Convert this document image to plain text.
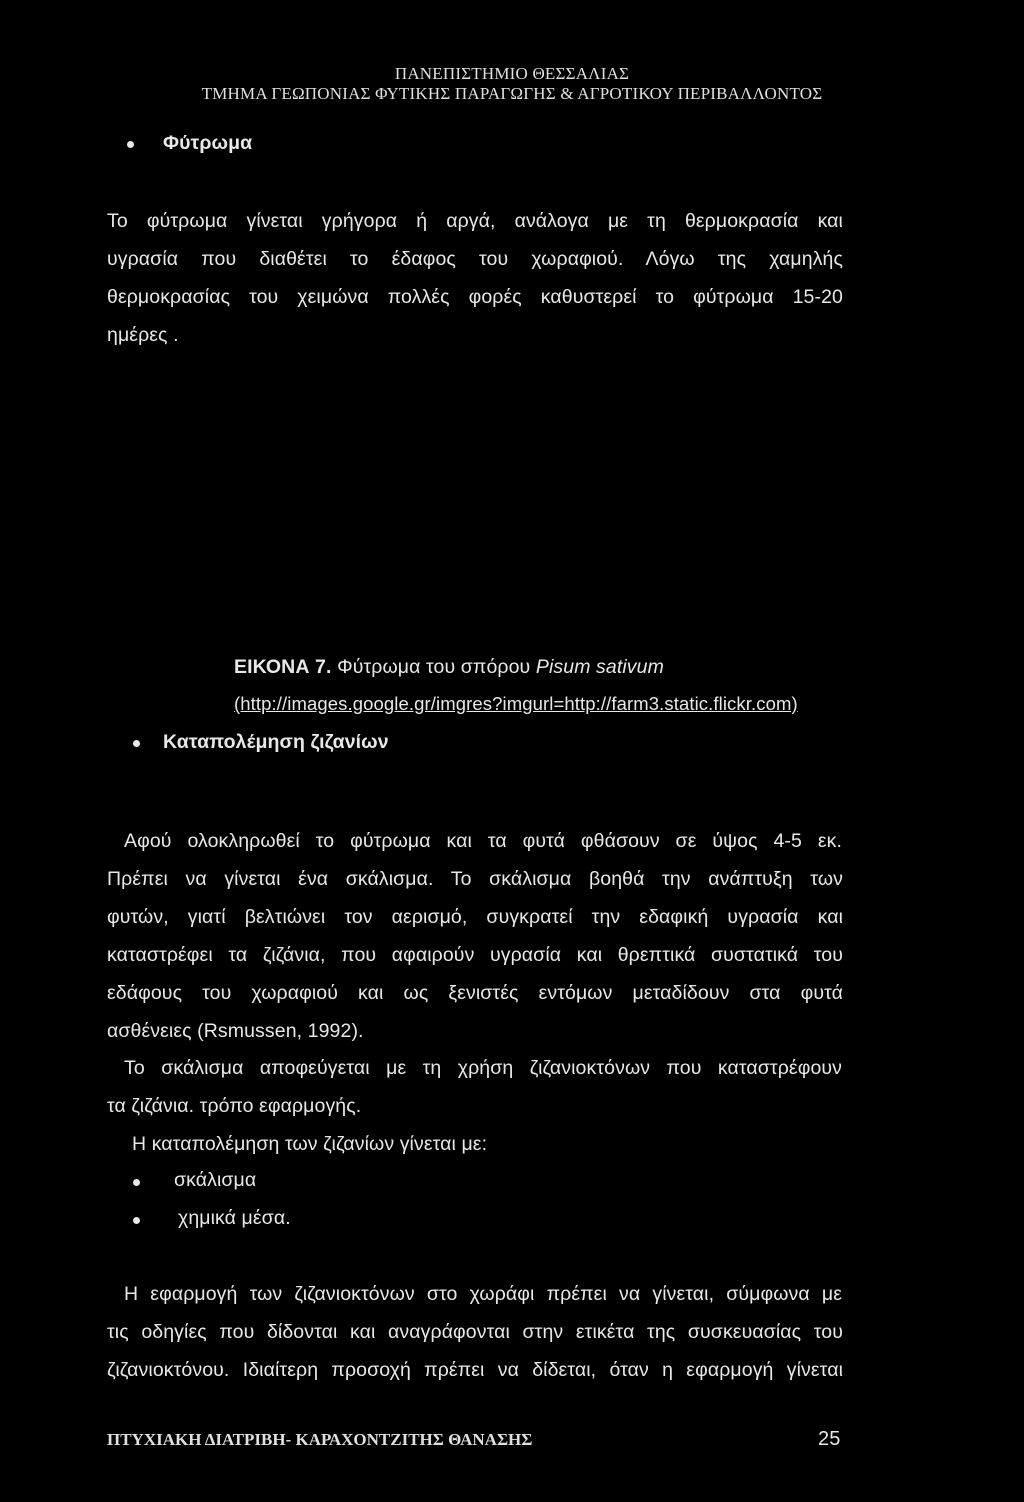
ΠΑΝΕΠΙΣΤΗΜΙΟ ΘΕΣΣΑΛΙΑΣ
ΤΜΗΜΑ ΓΕΩΠΟΝΙΑΣ ΦΥΤΙΚΗΣ ΠΑΡΑΓΩΓΗΣ & ΑΓΡΟΤΙΚΟΥ ΠΕΡΙΒΑΛΛΟΝΤΟΣ
Φύτρωμα
Το φύτρωμα γίνεται γρήγορα ή αργά, ανάλογα με τη θερμοκρασία και
υγρασία που διαθέτει το έδαφος του χωραφιού. Λόγω της χαμηλής
θερμοκρασίας του χειμώνα πολλές φορές καθυστερεί το φύτρωμα 15-20
ημέρες .
ΕΙΚΟΝΑ 7. Φύτρωμα του σπόρου Pisum sativum
(http://images.google.gr/imgres?imgurl=http://farm3.static.flickr.com)
Καταπολέμηση ζιζανίων
Αφού ολοκληρωθεί το φύτρωμα και τα φυτά φθάσουν σε ύψος 4-5 εκ.
Πρέπει να γίνεται ένα σκάλισμα. Το σκάλισμα βοηθά την ανάπτυξη των
φυτών, γιατί βελτιώνει τον αερισμό, συγκρατεί την εδαφική υγρασία και
καταστρέφει τα ζιζάνια, που αφαιρούν υγρασία και θρεπτικά συστατικά του
εδάφους του χωραφιού και ως ξενιστές εντόμων μεταδίδουν στα φυτά
ασθένειες (Rsmussen, 1992).
Το σκάλισμα αποφεύγεται με τη χρήση ζιζανιοκτόνων που καταστρέφουν
τα ζιζάνια. τρόπο εφαρμογής.
Η καταπολέμηση των ζιζανίων γίνεται με:
σκάλισμα
χημικά μέσα.
Η εφαρμογή των ζιζανιοκτόνων στο χωράφι πρέπει να γίνεται, σύμφωνα με
τις οδηγίες που δίδονται και αναγράφονται στην ετικέτα της συσκευασίας του
ζιζανιοκτόνου. Ιδιαίτερη προσοχή πρέπει να δίδεται, όταν η εφαρμογή γίνεται
ΠΤΥΧΙΑΚΗ ΔΙΑΤΡΙΒΗ- ΚΑΡΑΧΟΝΤΖΙΤΗΣ ΘΑΝΑΣΗΣ	25
